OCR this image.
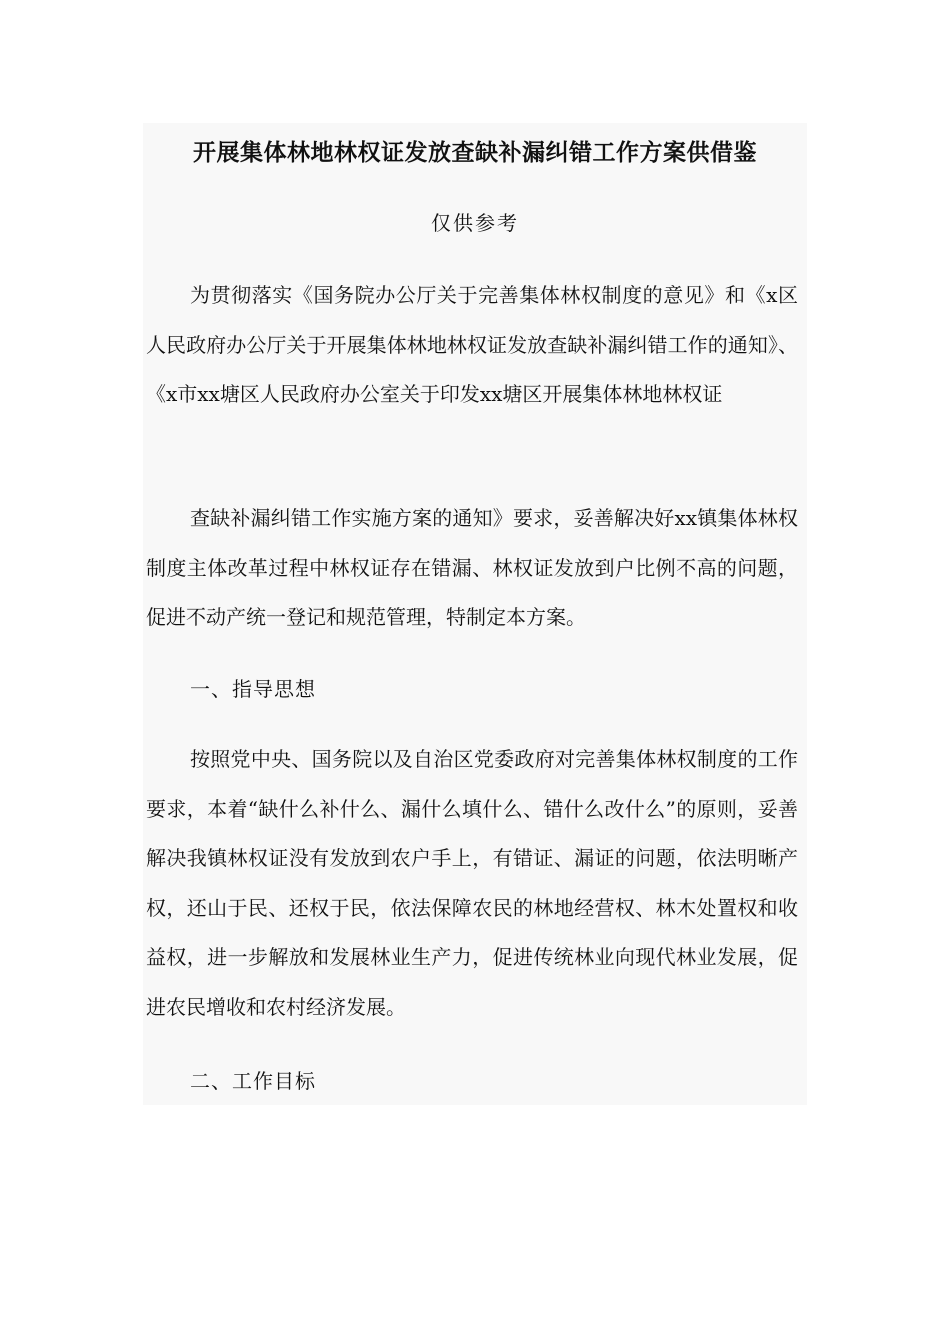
开展集体林地林权证发放查缺补漏纠错工作方案供借鉴
仅供参考

为贯彻落实《国务院办公厅关于完善集体林权制度的意见》和《x区人民政府办公厅关于开展集体林地林权证发放查缺补漏纠错工作的通知》、《x市xx塘区人民政府办公室关于印发xx塘区开展集体林地林权证

查缺补漏纠错工作实施方案的通知》要求，妥善解决好xx镇集体林权制度主体改革过程中林权证存在错漏、林权证发放到户比例不高的问题，促进不动产统一登记和规范管理，特制定本方案。

一、指导思想

按照党中央、国务院以及自治区党委政府对完善集体林权制度的工作要求，本着“缺什么补什么、漏什么填什么、错什么改什么”的原则，妥善解决我镇林权证没有发放到农户手上，有错证、漏证的问题，依法明晰产权，还山于民、还权于民，依法保障农民的林地经营权、林木处置权和收益权，进一步解放和发展林业生产力，促进传统林业向现代林业发展，促进农民增收和农村经济发展。

二、工作目标
